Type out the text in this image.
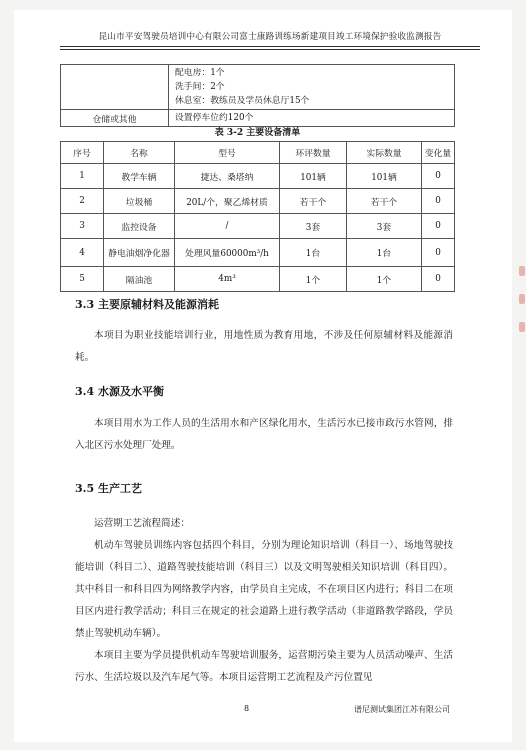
昆山市平安驾驶员培训中心有限公司富士康路训练场新建项目竣工环境保护验收监测报告

	配电房：1个
洗手间：2个
休息室：教练员及学员休息厅15个

仓储或其他	设置停车位约120个
表 3-2 主要设备清单
序号	名称	型号	环评数量	实际数量	变化量
1	教学车辆	捷达、桑塔纳	101辆	101辆	0
2	垃圾桶	20L/个，聚乙烯材质	若干个	若干个	0
3	监控设备	/	3套	3套	0
4	静电油烟净化器	处理风量60000m³/h	1台	1台	0
5	隔油池	4m³	1个	1个	0
3.3 主要原辅材料及能源消耗
本项目为职业技能培训行业，用地性质为教育用地，不涉及任何原辅材料及能源消耗。
3.4 水源及水平衡
本项目用水为工作人员的生活用水和产区绿化用水，生活污水已接市政污水管网，排入北区污水处理厂处理。
3.5 生产工艺
运营期工艺流程简述：
机动车驾驶员训练内容包括四个科目，分别为理论知识培训（科目一）、场地驾驶技能培训（科目二）、道路驾驶技能培训（科目三）以及文明驾驶相关知识培训（科目四）。其中科目一和科目四为网络教学内容，由学员自主完成，不在项目区内进行；科目二在项目区内进行教学活动；科目三在规定的社会道路上进行教学活动（非道路教学路段，学员禁止驾驶机动车辆）。
本项目主要为学员提供机动车驾驶培训服务，运营期污染主要为人员活动噪声、生活污水、生活垃圾以及汽车尾气等。本项目运营期工艺流程及产污位置见
8	谱尼测试集团江苏有限公司
